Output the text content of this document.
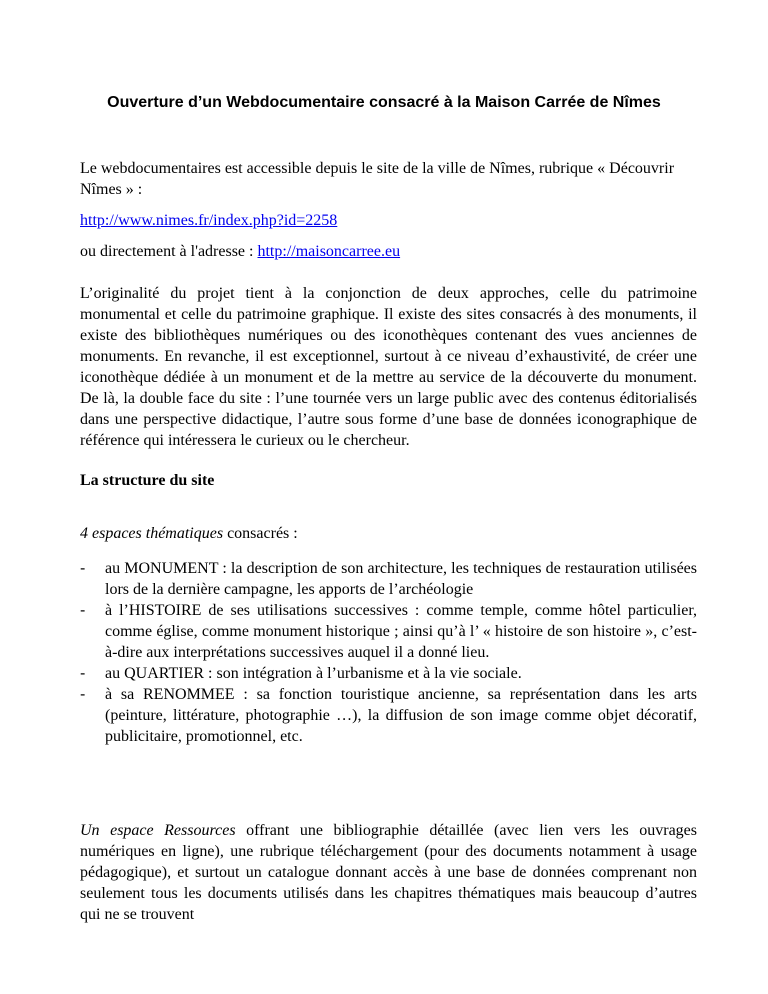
Ouverture d’un Webdocumentaire consacré à la Maison Carrée de Nîmes

Le webdocumentaires est accessible depuis le site de la ville de Nîmes, rubrique « Découvrir Nîmes » :

http://www.nimes.fr/index.php?id=2258

ou directement à l'adresse : http://maisoncarree.eu

L’originalité du projet tient à la conjonction de deux approches, celle du patrimoine monumental et celle du patrimoine graphique. Il existe des sites consacrés à des monuments, il existe des bibliothèques numériques ou des iconothèques contenant des vues anciennes de monuments. En revanche, il est exceptionnel, surtout à ce niveau d’exhaustivité, de créer une iconothèque dédiée à un monument et de la mettre au service de la découverte du monument. De là, la double face du site : l’une tournée vers un large public avec des contenus éditorialisés dans une perspective didactique, l’autre sous forme d’une base de données iconographique de référence qui intéressera le curieux ou le chercheur.

La structure du site

4 espaces thématiques consacrés :

- au MONUMENT : la description de son architecture, les techniques de restauration utilisées lors de la dernière campagne, les apports de l’archéologie
- à l’HISTOIRE de ses utilisations successives : comme temple, comme hôtel particulier, comme église, comme monument historique ; ainsi qu’à l’ « histoire de son histoire », c’est-à-dire aux interprétations successives auquel il a donné lieu.
- au QUARTIER : son intégration à l’urbanisme et à la vie sociale.
- à sa RENOMMEE : sa fonction touristique ancienne, sa représentation dans les arts (peinture, littérature, photographie …), la diffusion de son image comme objet décoratif, publicitaire, promotionnel, etc.

Un espace Ressources offrant une bibliographie détaillée (avec lien vers les ouvrages numériques en ligne), une rubrique téléchargement (pour des documents notamment à usage pédagogique), et surtout un catalogue donnant accès à une base de données comprenant non seulement tous les documents utilisés dans les chapitres thématiques mais beaucoup d’autres qui ne se trouvent
